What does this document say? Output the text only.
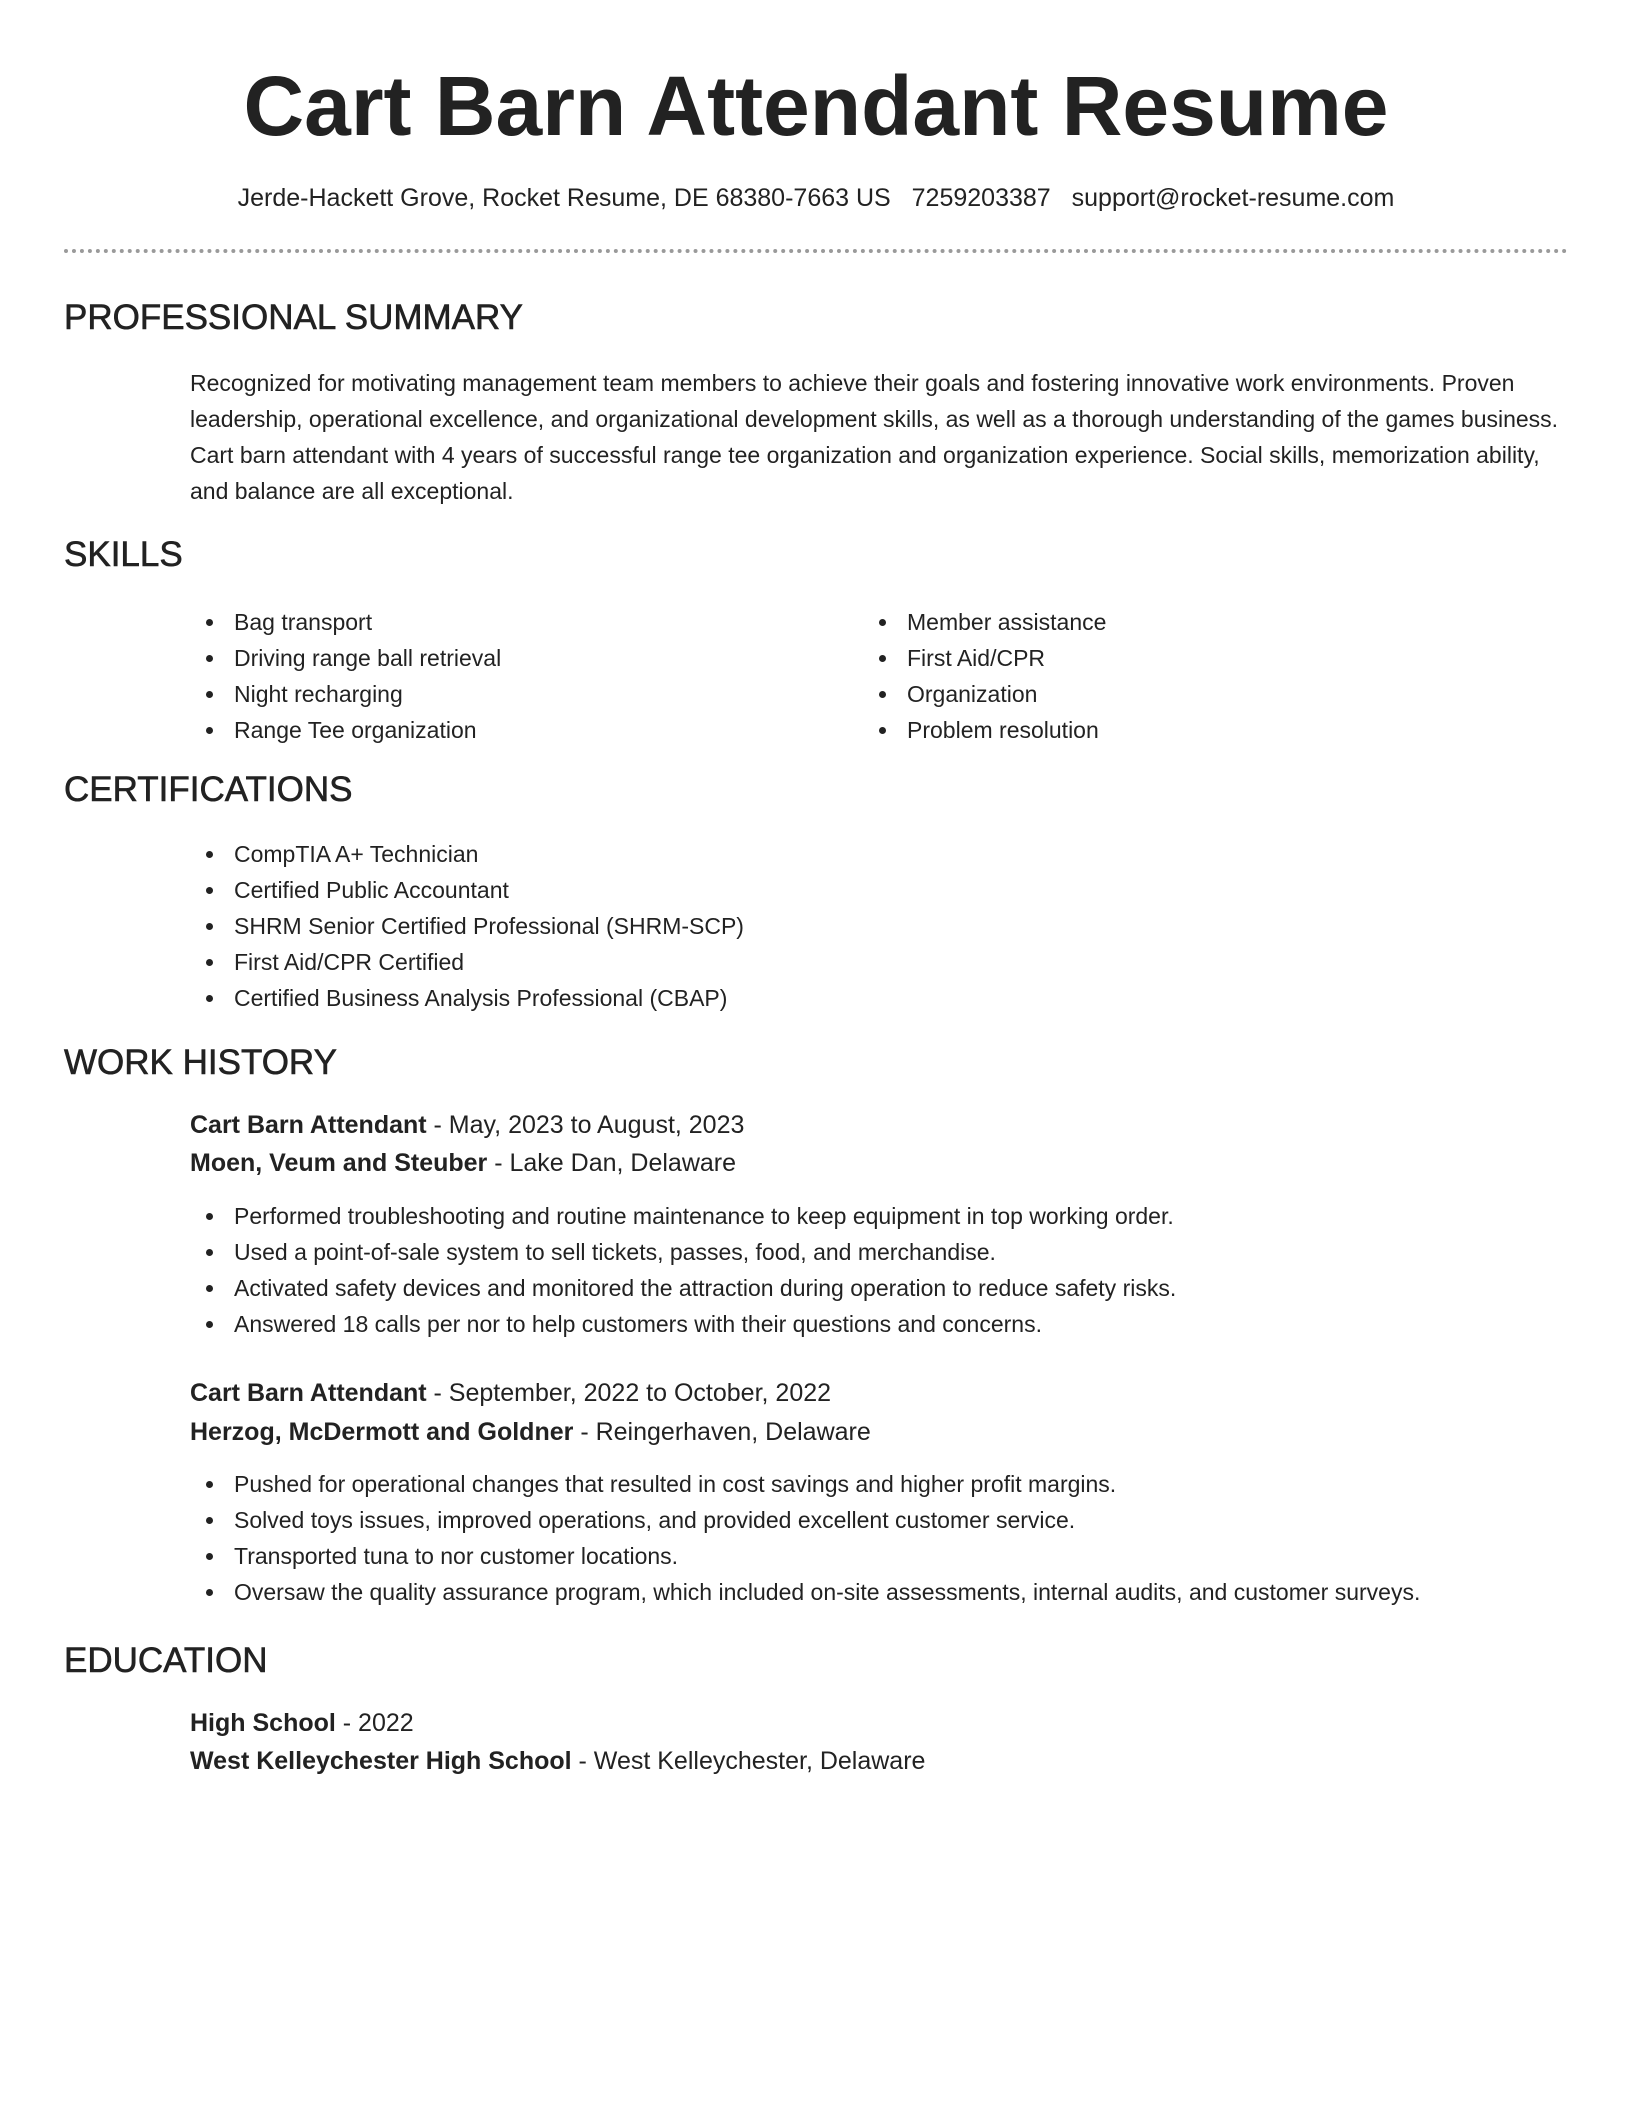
Cart Barn Attendant Resume
Jerde-Hackett Grove, Rocket Resume, DE 68380-7663 US 7259203387 support@rocket-resume.com
PROFESSIONAL SUMMARY
Recognized for motivating management team members to achieve their goals and fostering innovative work environments. Proven leadership, operational excellence, and organizational development skills, as well as a thorough understanding of the games business. Cart barn attendant with 4 years of successful range tee organization and organization experience. Social skills, memorization ability, and balance are all exceptional.
SKILLS
Bag transport
Driving range ball retrieval
Night recharging
Range Tee organization
Member assistance
First Aid/CPR
Organization
Problem resolution
CERTIFICATIONS
CompTIA A+ Technician
Certified Public Accountant
SHRM Senior Certified Professional (SHRM-SCP)
First Aid/CPR Certified
Certified Business Analysis Professional (CBAP)
WORK HISTORY
Cart Barn Attendant - May, 2023 to August, 2023
Moen, Veum and Steuber - Lake Dan, Delaware
Performed troubleshooting and routine maintenance to keep equipment in top working order.
Used a point-of-sale system to sell tickets, passes, food, and merchandise.
Activated safety devices and monitored the attraction during operation to reduce safety risks.
Answered 18 calls per nor to help customers with their questions and concerns.
Cart Barn Attendant - September, 2022 to October, 2022
Herzog, McDermott and Goldner - Reingerhaven, Delaware
Pushed for operational changes that resulted in cost savings and higher profit margins.
Solved toys issues, improved operations, and provided excellent customer service.
Transported tuna to nor customer locations.
Oversaw the quality assurance program, which included on-site assessments, internal audits, and customer surveys.
EDUCATION
High School - 2022
West Kelleychester High School - West Kelleychester, Delaware
